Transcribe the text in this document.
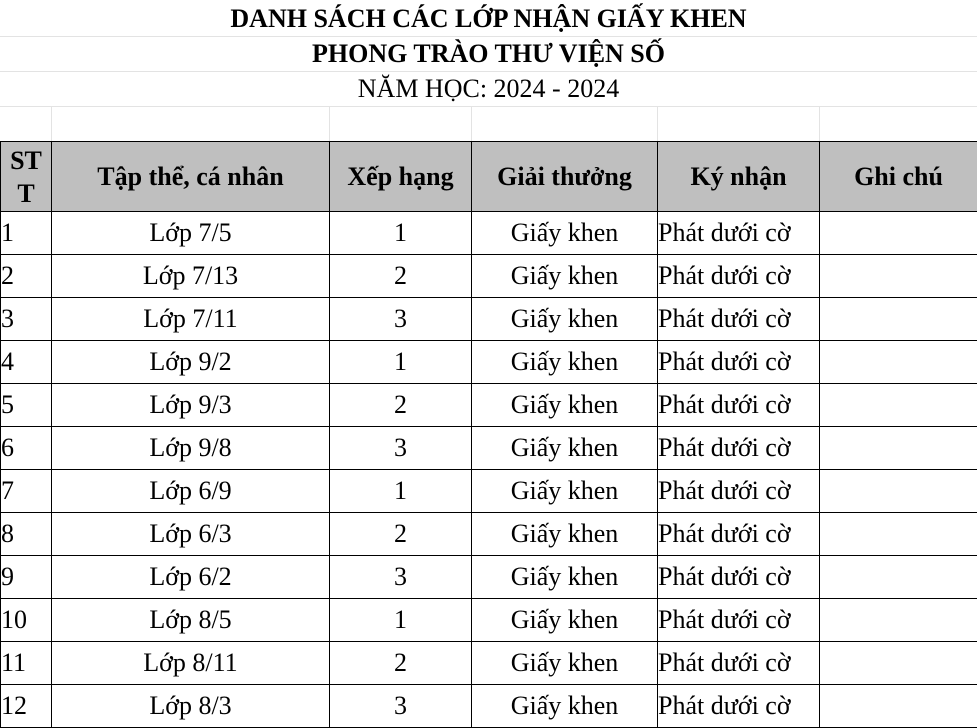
DANH SÁCH CÁC LỚP NHẬN GIẤY KHEN
PHONG TRÀO THƯ VIỆN SỐ
NĂM HỌC: 2024 - 2024
ST
T	Tập thể, cá nhân	Xếp hạng	Giải thưởng	Ký nhận	Ghi chú
1	Lớp 7/5	1	Giấy khen	Phát dưới cờ	
2	Lớp 7/13	2	Giấy khen	Phát dưới cờ	
3	Lớp 7/11	3	Giấy khen	Phát dưới cờ	
4	Lớp 9/2	1	Giấy khen	Phát dưới cờ	
5	Lớp 9/3	2	Giấy khen	Phát dưới cờ	
6	Lớp 9/8	3	Giấy khen	Phát dưới cờ	
7	Lớp 6/9	1	Giấy khen	Phát dưới cờ	
8	Lớp 6/3	2	Giấy khen	Phát dưới cờ	
9	Lớp 6/2	3	Giấy khen	Phát dưới cờ	
10	Lớp 8/5	1	Giấy khen	Phát dưới cờ	
11	Lớp 8/11	2	Giấy khen	Phát dưới cờ	
12	Lớp 8/3	3	Giấy khen	Phát dưới cờ	
